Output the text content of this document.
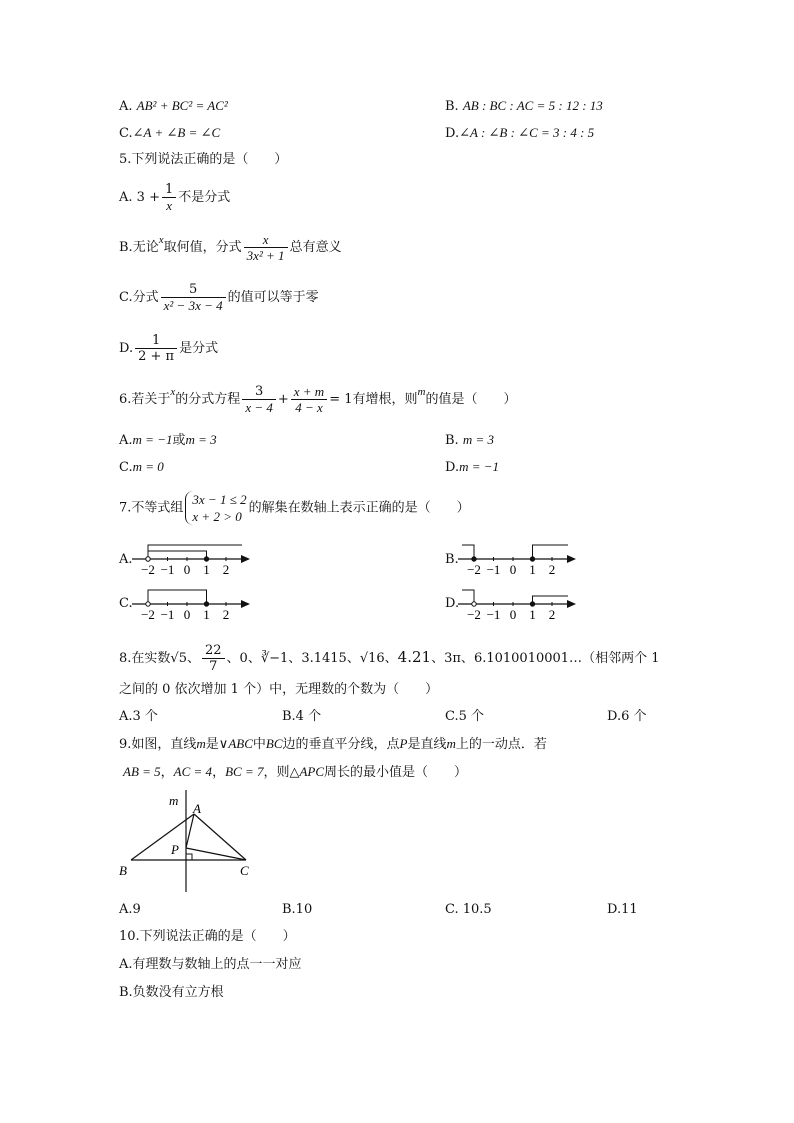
A. AB² + BC² = AC²	B. AB : BC : AC = 5 : 12 : 13
C.∠A + ∠B = ∠C	D.∠A : ∠B : ∠C = 3 : 4 : 5
5.下列说法正确的是（　　）
A. $3 + \frac{1}{x}$ 不是分式
B.无论$^x$取何值，分式 $\frac{x}{\text{3x² + 1}}$ 总有意义
C.分式 $\frac{5}{\text{x² − 3x − 4}}$ 的值可以等于零
D. $\frac{1}{2 + \pi}$ 是分式
6.若关于$^x$的分式方程 $\frac{3}{x - 4} + \frac{x + m}{4 - x} = 1$有增根，则$^m$的值是（　　）
A.m = −1或m = 3	B. m = 3
C.m = 0	D.m = −1
7.不等式组
3x − 1 ≤ 2
x + 2 > 0
的解集在数轴上表示正确的是（　　）
A.	B.
C.	D.
−2 −1 0 1 2	−2 −1 0 1 2
−2 −1 0 1 2	−2 −1 0 1 2
8.在实数√5、 $\frac{22}{7}$ 、0、∛−1、3.1415、√16、4.21、3π、6.1010010001…（相邻两个 1
之间的 0 依次增加 1 个）中，无理数的个数为（　　）
A.3 个	B.4 个	C.5 个	D.6 个
9.如图，直线m是∨ABC中BC边的垂直平分线，点P是直线m上的一动点．若
AB = 5，AC = 4，BC = 7，则△APC周长的最小值是（　　）
m
A
P
B	C
A.9	B.10	C. 10.5	D.11
10.下列说法正确的是（　　）
A.有理数与数轴上的点一一对应
B.负数没有立方根
